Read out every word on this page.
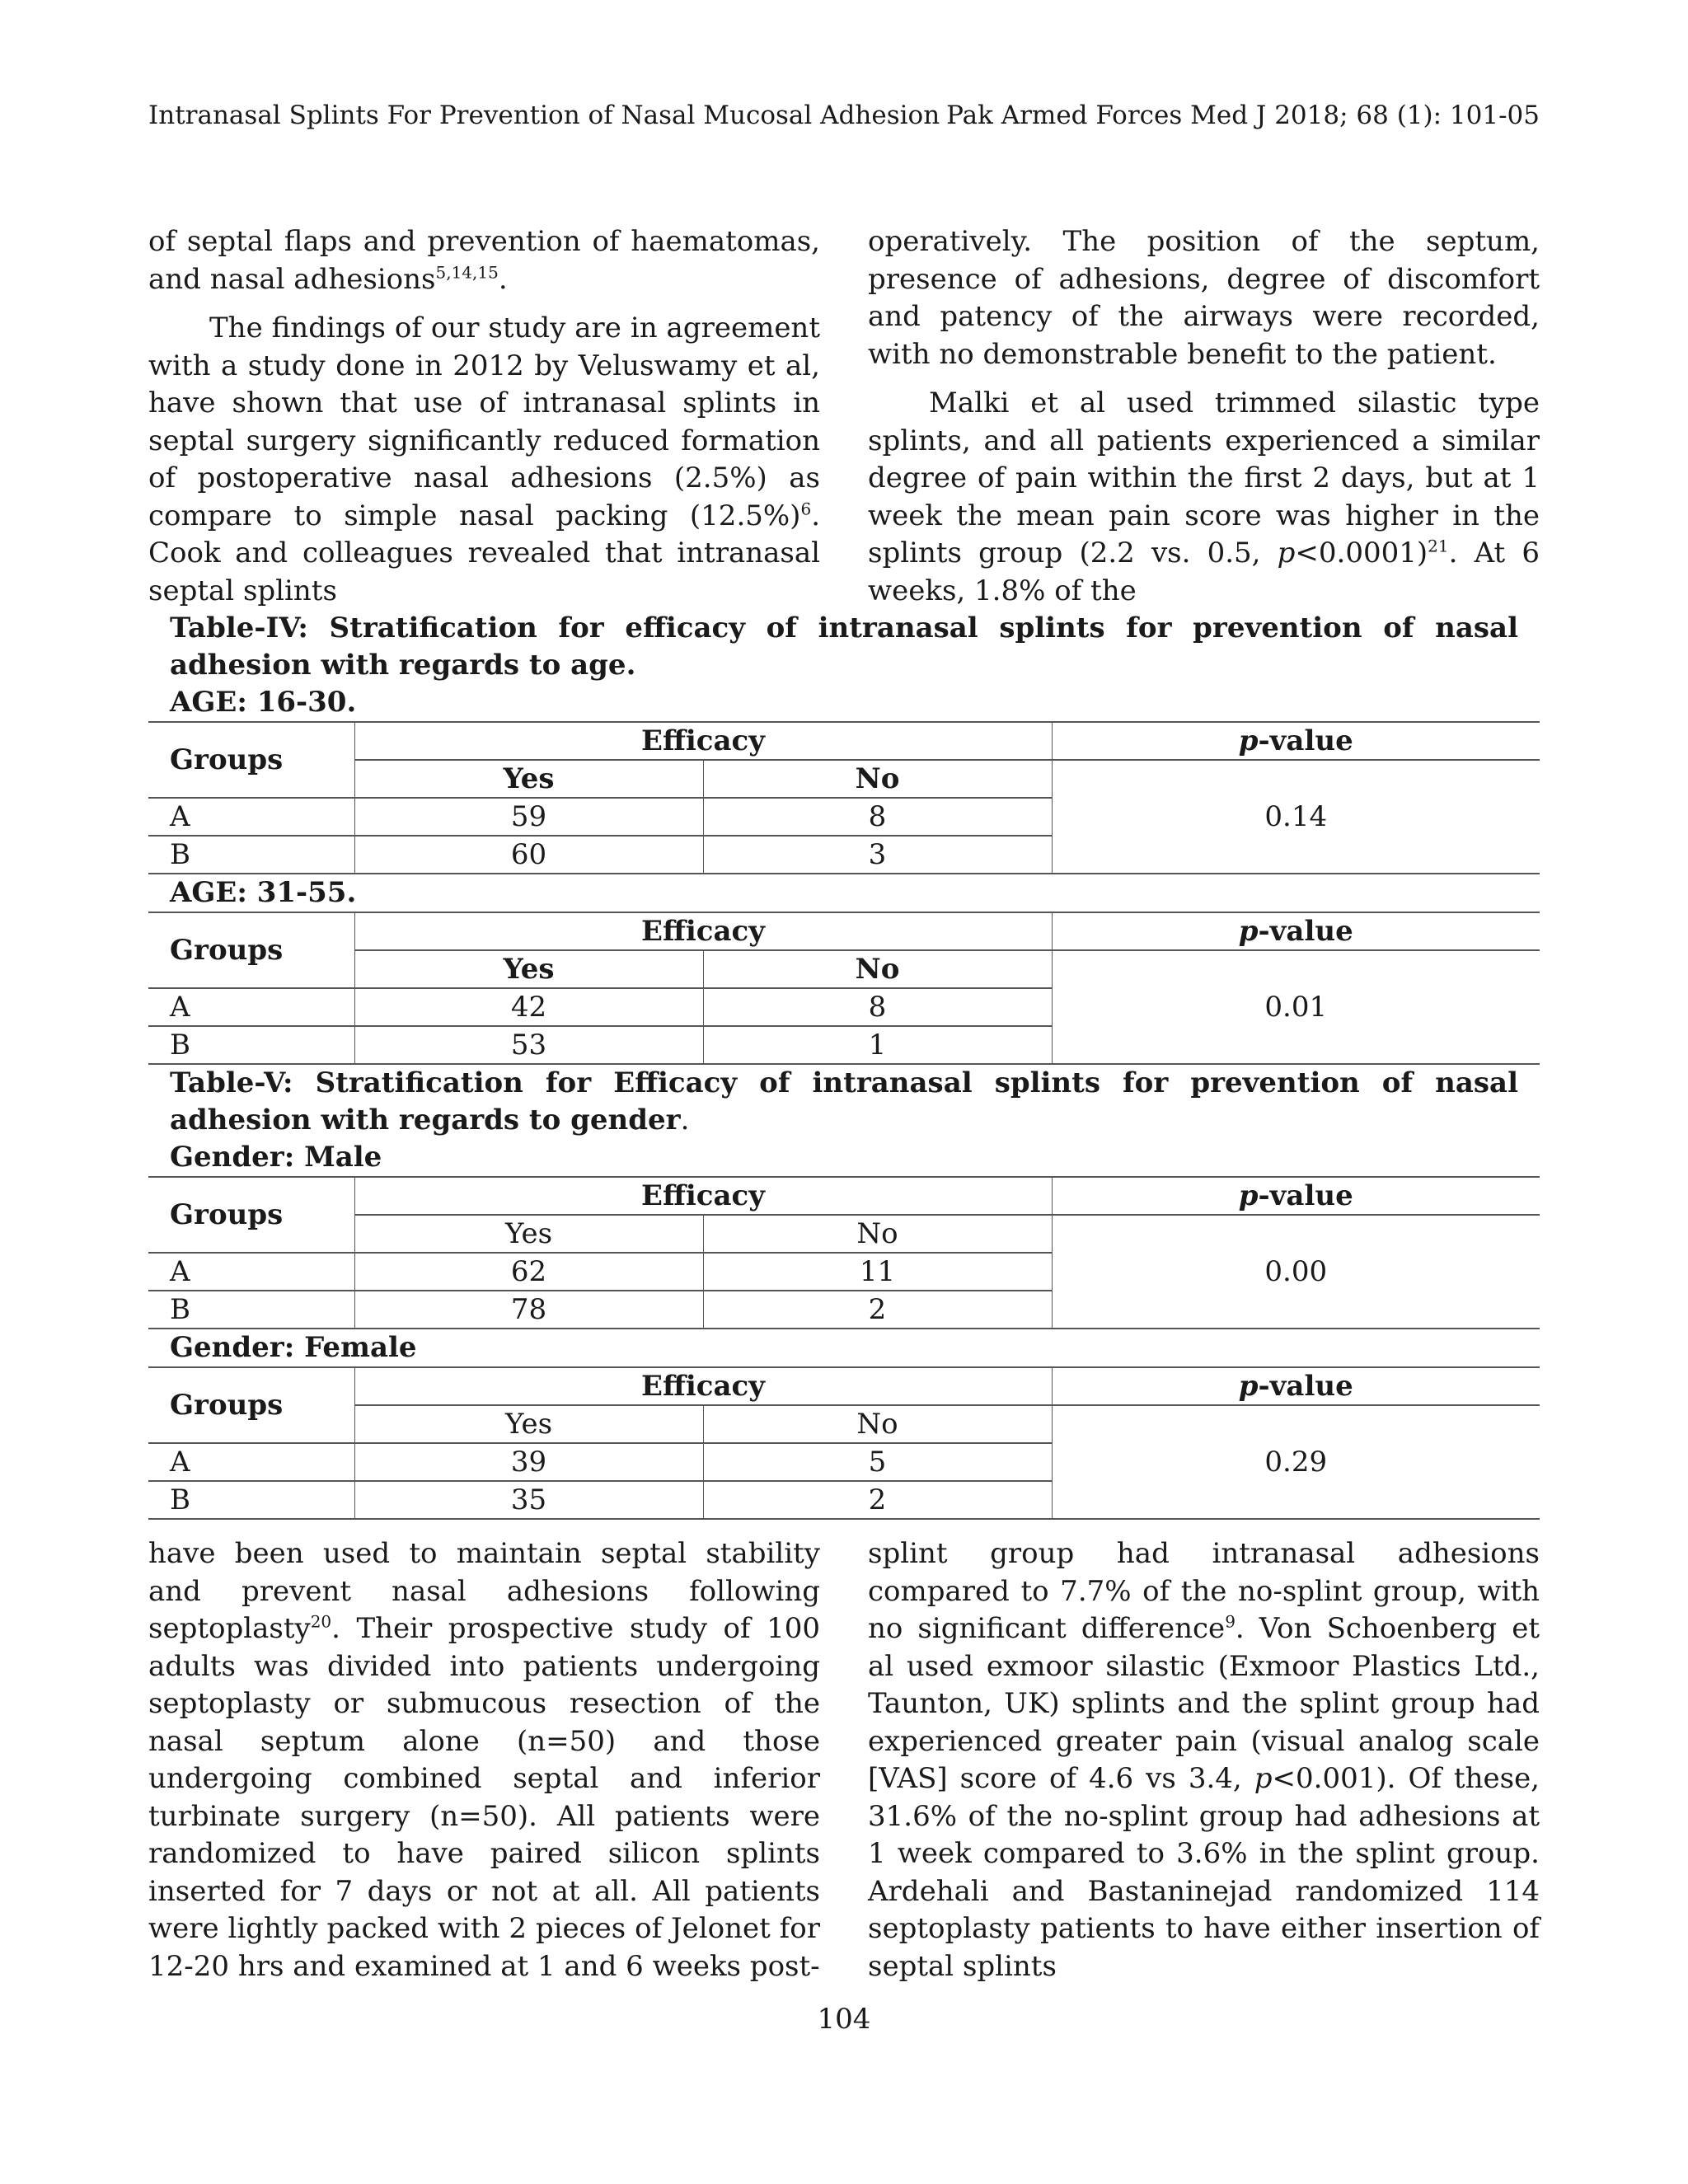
Intranasal Splints For Prevention of Nasal Mucosal Adhesion Pak Armed Forces Med J 2018; 68 (1): 101-05

of septal flaps and prevention of haematomas, and nasal adhesions$^{5,14,15}$.

The findings of our study are in agreement with a study done in 2012 by Veluswamy et al, have shown that use of intranasal splints in septal surgery significantly reduced formation of postoperative nasal adhesions (2.5%) as compare to simple nasal packing $(12.5\%)^6$. Cook and colleagues revealed that intranasal septal splints

operatively. The position of the septum, presence of adhesions, degree of discomfort and patency of the airways were recorded, with no demonstrable benefit to the patient.

Malki et al used trimmed silastic type splints, and all patients experienced a similar degree of pain within the first 2 days, but at 1 week the mean pain score was higher in the splints group (2.2 vs. 0.5, p<0.0001)$^{21}$. At 6 weeks, 1.8% of the

Table-IV: Stratification for efficacy of intranasal splints for prevention of nasal adhesion with regards to age.
AGE: 16-30.
Groups	Efficacy		p-value
	Yes	No	0.14
A	59	8	
B	60	3	
AGE: 31-55.
Groups	Efficacy		p-value
	Yes	No	0.01
A	42	8	
B	53	1	
Table-V: Stratification for Efficacy of intranasal splints for prevention of nasal adhesion with regards to gender.
Gender: Male
Groups	Efficacy		p-value
	Yes	No	0.00
A	62	11	
B	78	2	
Gender: Female
Groups	Efficacy		p-value
	Yes	No	0.29
A	39	5	
B	35	2	

have been used to maintain septal stability and prevent nasal adhesions following septoplasty$^{20}$. Their prospective study of 100 adults was divided into patients undergoing septoplasty or submucous resection of the nasal septum alone (n=50) and those undergoing combined septal and inferior turbinate surgery (n=50). All patients were randomized to have paired silicon splints inserted for 7 days or not at all. All patients were lightly packed with 2 pieces of Jelonet for 12-20 hrs and examined at 1 and 6 weeks post-

splint group had intranasal adhesions compared to 7.7% of the no-splint group, with no significant difference$^9$. Von Schoenberg et al used exmoor silastic (Exmoor Plastics Ltd., Taunton, UK) splints and the splint group had experienced greater pain (visual analog scale [VAS] score of 4.6 vs 3.4, p<0.001). Of these, 31.6% of the no-splint group had adhesions at 1 week compared to 3.6% in the splint group. Ardehali and Bastaninejad randomized 114 septoplasty patients to have either insertion of septal splints

104
